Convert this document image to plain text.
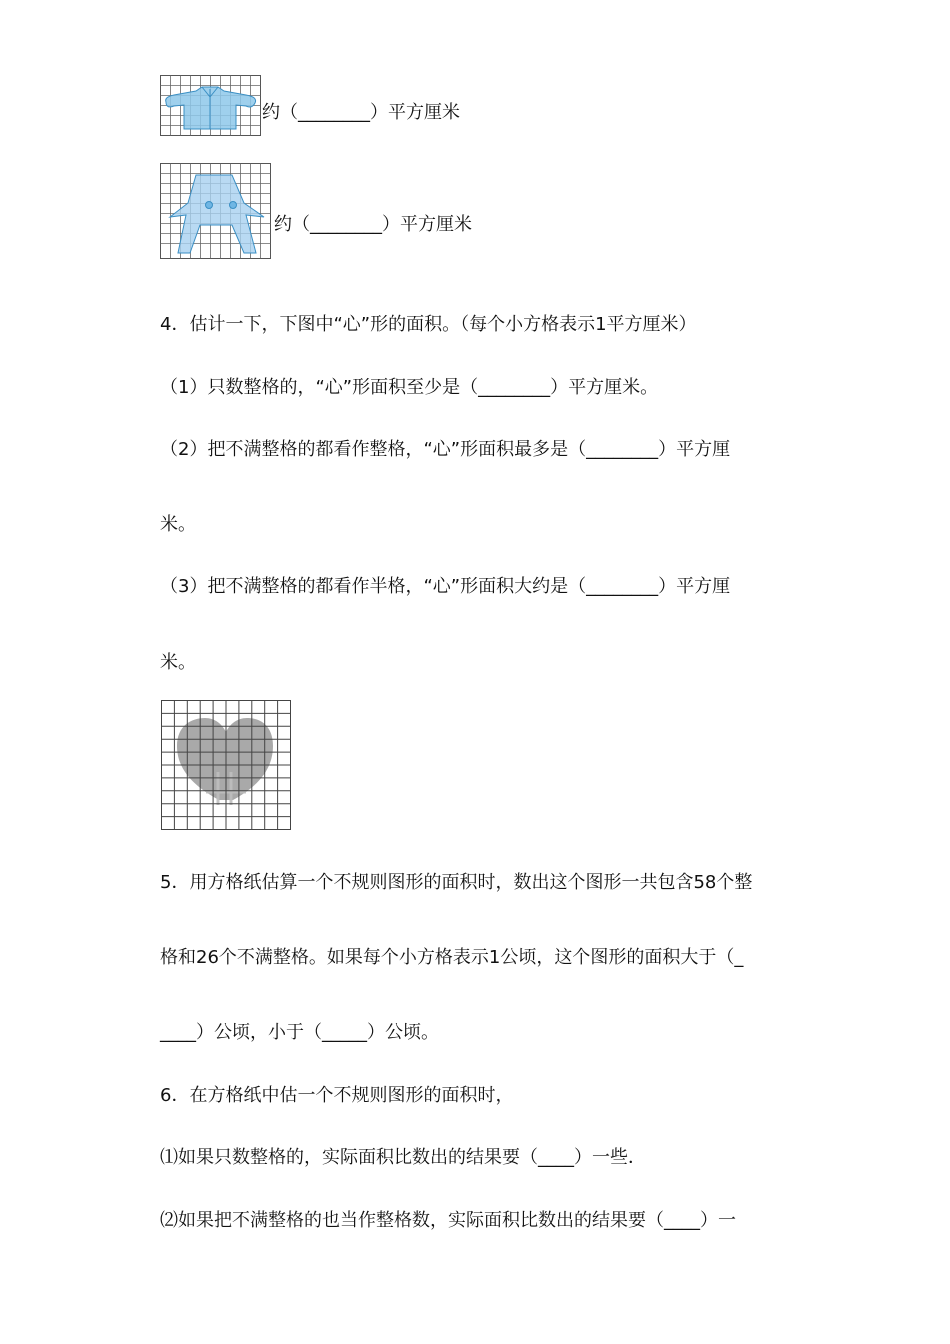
约（________）平方厘米
约（________）平方厘米
4．估计一下，下图中“心”形的面积。（每个小方格表示1平方厘米）
（1）只数整格的，“心”形面积至少是（________）平方厘米。
（2）把不满整格的都看作整格，“心”形面积最多是（________）平方厘
米。
（3）把不满整格的都看作半格，“心”形面积大约是（________）平方厘
米。
5．用方格纸估算一个不规则图形的面积时，数出这个图形一共包含58个整
格和26个不满整格。如果每个小方格表示1公顷，这个图形的面积大于（_
____）公顷，小于（_____）公顷。
6．在方格纸中估一个不规则图形的面积时，
⑴如果只数整格的，实际面积比数出的结果要（____）一些．
⑵如果把不满整格的也当作整格数，实际面积比数出的结果要（____）一
